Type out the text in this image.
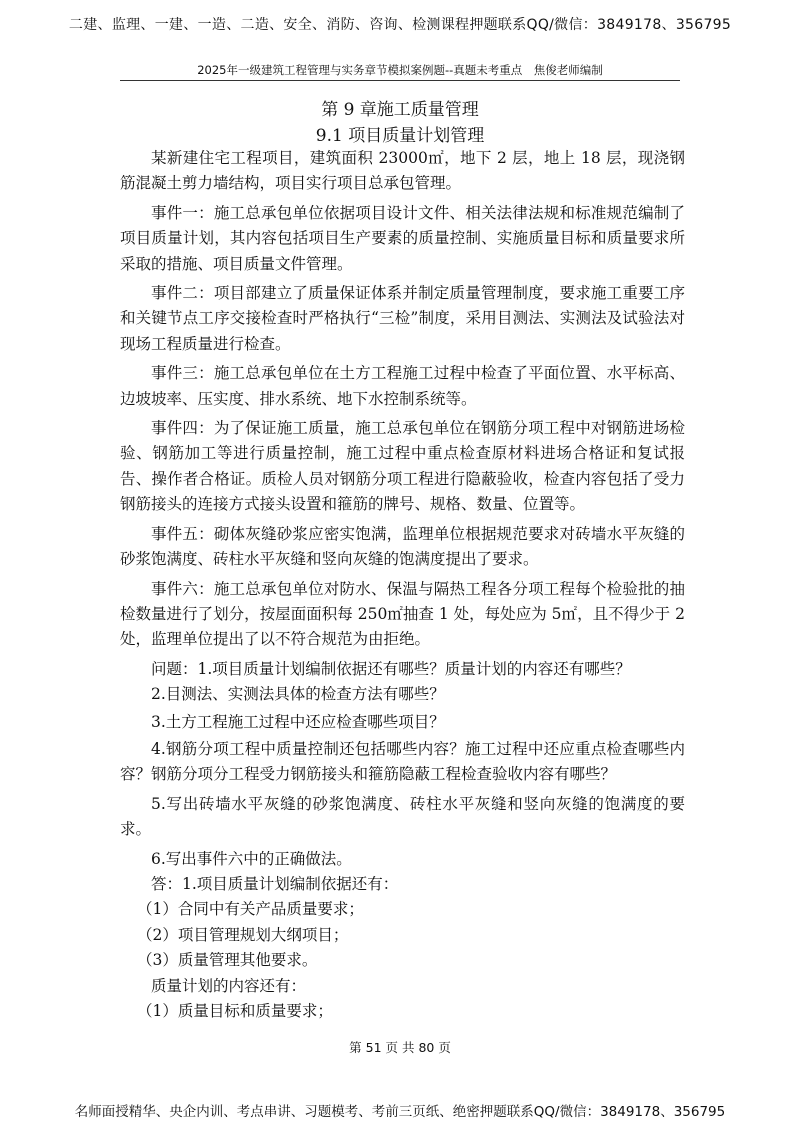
二建、监理、一建、一造、二造、安全、消防、咨询、检测课程押题联系QQ/微信：3849178、356795
2025年一级建筑工程管理与实务章节模拟案例题--真题未考重点　焦俊老师编制
第 9 章施工质量管理
9.1 项目质量计划管理

某新建住宅工程项目，建筑面积 23000㎡，地下 2 层，地上 18 层，现浇钢筋混凝土剪力墙结构，项目实行项目总承包管理。

事件一：施工总承包单位依据项目设计文件、相关法律法规和标准规范编制了项目质量计划，其内容包括项目生产要素的质量控制、实施质量目标和质量要求所采取的措施、项目质量文件管理。

事件二：项目部建立了质量保证体系并制定质量管理制度，要求施工重要工序和关键节点工序交接检查时严格执行“三检”制度，采用目测法、实测法及试验法对现场工程质量进行检查。

事件三：施工总承包单位在土方工程施工过程中检查了平面位置、水平标高、边坡坡率、压实度、排水系统、地下水控制系统等。

事件四：为了保证施工质量，施工总承包单位在钢筋分项工程中对钢筋进场检验、钢筋加工等进行质量控制，施工过程中重点检查原材料进场合格证和复试报告、操作者合格证。质检人员对钢筋分项工程进行隐蔽验收，检查内容包括了受力钢筋接头的连接方式接头设置和箍筋的牌号、规格、数量、位置等。

事件五：砌体灰缝砂浆应密实饱满，监理单位根据规范要求对砖墙水平灰缝的砂浆饱满度、砖柱水平灰缝和竖向灰缝的饱满度提出了要求。

事件六：施工总承包单位对防水、保温与隔热工程各分项工程每个检验批的抽检数量进行了划分，按屋面面积每 250㎡抽查 1 处，每处应为 5㎡，且不得少于 2 处，监理单位提出了以不符合规范为由拒绝。

问题：1.项目质量计划编制依据还有哪些？质量计划的内容还有哪些？

2.目测法、实测法具体的检查方法有哪些？

3.土方工程施工过程中还应检查哪些项目？

4.钢筋分项工程中质量控制还包括哪些内容？施工过程中还应重点检查哪些内容？钢筋分项分工程受力钢筋接头和箍筋隐蔽工程检查验收内容有哪些？

5.写出砖墙水平灰缝的砂浆饱满度、砖柱水平灰缝和竖向灰缝的饱满度的要求。

6.写出事件六中的正确做法。

答：1.项目质量计划编制依据还有：

（1）合同中有关产品质量要求；

（2）项目管理规划大纲项目；

（3）质量管理其他要求。

质量计划的内容还有：

（1）质量目标和质量要求；

第 51 页 共 80 页
名师面授精华、央企内训、考点串讲、习题模考、考前三页纸、绝密押题联系QQ/微信：3849178、356795
